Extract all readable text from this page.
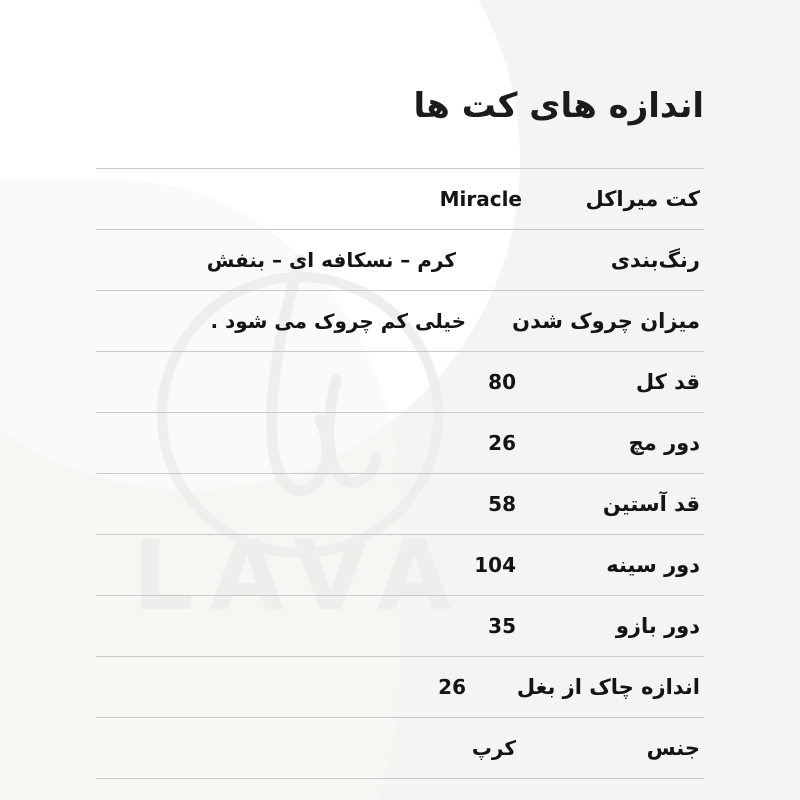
LAVA
اندازه های کت ها
کت میراکل
Miracle
رنگ‌بندی
کرم – نسکافه ای – بنفش
میزان چروک شدن
خیلی کم چروک می شود .
قد کل
80
دور مچ
26
قد آستین
58
دور سینه
104
دور بازو
35
اندازه چاک از بغل
26
جنس
کرپ
